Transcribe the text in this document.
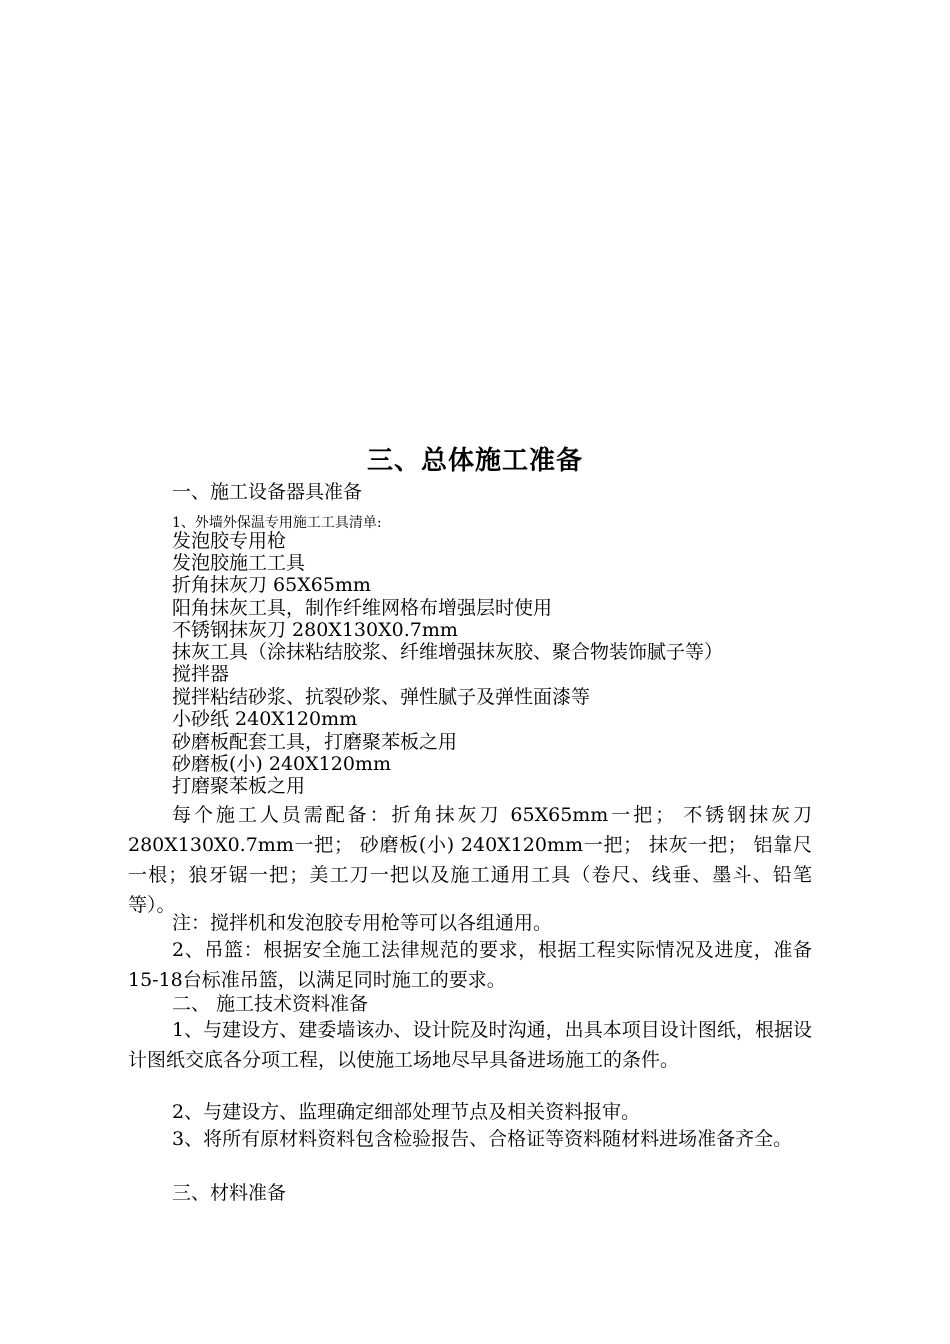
三、总体施工准备
一、施工设备器具准备
1、外墙外保温专用施工工具清单:
发泡胶专用枪
发泡胶施工工具
折角抹灰刀 65X65mm
阳角抹灰工具，制作纤维网格布增强层时使用
不锈钢抹灰刀 280X130X0.7mm
抹灰工具（涂抹粘结胶浆、纤维增强抹灰胶、聚合物装饰腻子等）
搅拌器
搅拌粘结砂浆、抗裂砂浆、弹性腻子及弹性面漆等
小砂纸 240X120mm
砂磨板配套工具，打磨聚苯板之用
砂磨板(小) 240X120mm
打磨聚苯板之用
每个施工人员需配备：折角抹灰刀 65X65mm一把； 不锈钢抹灰刀280X130X0.7mm一把； 砂磨板(小) 240X120mm一把； 抹灰一把； 铝靠尺一根；狼牙锯一把；美工刀一把以及施工通用工具（卷尺、线垂、墨斗、铅笔等）。
注：搅拌机和发泡胶专用枪等可以各组通用。
2、吊篮：根据安全施工法律规范的要求，根据工程实际情况及进度，准备15-18台标准吊篮，以满足同时施工的要求。
二、 施工技术资料准备
1、与建设方、建委墙该办、设计院及时沟通，出具本项目设计图纸，根据设计图纸交底各分项工程，以使施工场地尽早具备进场施工的条件。
2、与建设方、监理确定细部处理节点及相关资料报审。
3、将所有原材料资料包含检验报告、合格证等资料随材料进场准备齐全。
三、材料准备
